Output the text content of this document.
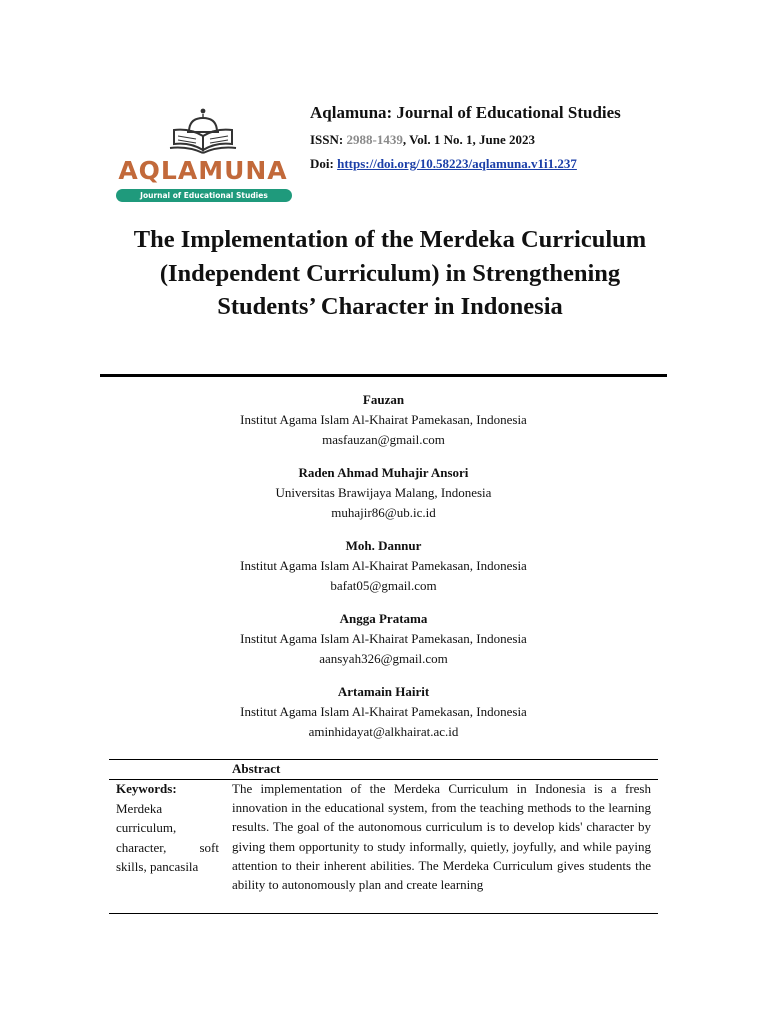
AQLAMUNA
Journal of Educational Studies
Aqlamuna: Journal of Educational Studies
ISSN: 2988-1439, Vol. 1 No. 1, June 2023
Doi: https://doi.org/10.58223/aqlamuna.v1i1.237
The Implementation of the Merdeka Curriculum (Independent Curriculum) in Strengthening Students’ Character in Indonesia
Fauzan
Institut Agama Islam Al-Khairat Pamekasan, Indonesia
masfauzan@gmail.com
Raden Ahmad Muhajir Ansori
Universitas Brawijaya Malang, Indonesia
muhajir86@ub.ic.id
Moh. Dannur
Institut Agama Islam Al-Khairat Pamekasan, Indonesia
bafat05@gmail.com
Angga Pratama
Institut Agama Islam Al-Khairat Pamekasan, Indonesia
aansyah326@gmail.com
Artamain Hairit
Institut Agama Islam Al-Khairat Pamekasan, Indonesia
aminhidayat@alkhairat.ac.id
Abstract
Keywords:
Merdeka curriculum, character, soft skills, pancasila
The implementation of the Merdeka Curriculum in Indonesia is a fresh innovation in the educational system, from the teaching methods to the learning results. The goal of the autonomous curriculum is to develop kids' character by giving them opportunity to study informally, quietly, joyfully, and while paying attention to their inherent abilities. The Merdeka Curriculum gives students the ability to autonomously plan and create learning
